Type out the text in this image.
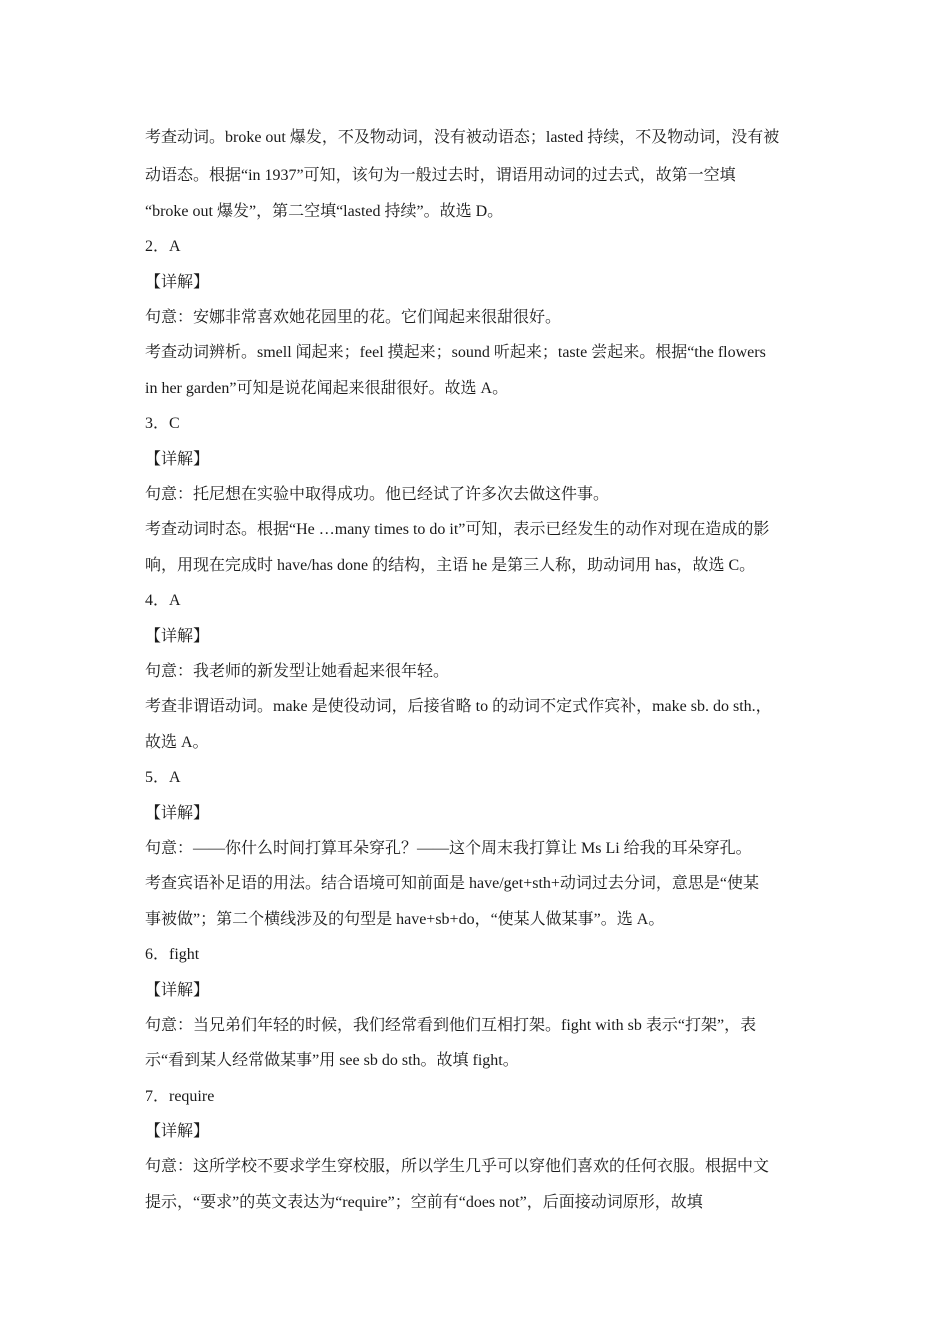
考查动词。broke out 爆发，不及物动词，没有被动语态；lasted 持续，不及物动词，没有被
动语态。根据“in 1937”可知，该句为一般过去时，谓语用动词的过去式，故第一空填
“broke out 爆发”，第二空填“lasted 持续”。故选 D。
2．A
【详解】
句意：安娜非常喜欢她花园里的花。它们闻起来很甜很好。
考查动词辨析。smell 闻起来；feel 摸起来；sound 听起来；taste 尝起来。根据“the flowers
in her garden”可知是说花闻起来很甜很好。故选 A。
3．C
【详解】
句意：托尼想在实验中取得成功。他已经试了许多次去做这件事。
考查动词时态。根据“He …many times to do it”可知，表示已经发生的动作对现在造成的影
响，用现在完成时 have/has done 的结构，主语 he 是第三人称，助动词用 has，故选 C。
4．A
【详解】
句意：我老师的新发型让她看起来很年轻。
考查非谓语动词。make 是使役动词，后接省略 to 的动词不定式作宾补，make sb. do sth.，
故选 A。
5．A
【详解】
句意：——你什么时间打算耳朵穿孔？——这个周末我打算让 Ms Li 给我的耳朵穿孔。
考查宾语补足语的用法。结合语境可知前面是 have/get+sth+动词过去分词，意思是“使某
事被做”；第二个横线涉及的句型是 have+sb+do，“使某人做某事”。选 A。
6．fight
【详解】
句意：当兄弟们年轻的时候，我们经常看到他们互相打架。fight with sb 表示“打架”，表
示“看到某人经常做某事”用 see sb do sth。故填 fight。
7．require
【详解】
句意：这所学校不要求学生穿校服，所以学生几乎可以穿他们喜欢的任何衣服。根据中文
提示，“要求”的英文表达为“require”；空前有“does not”，后面接动词原形，故填
